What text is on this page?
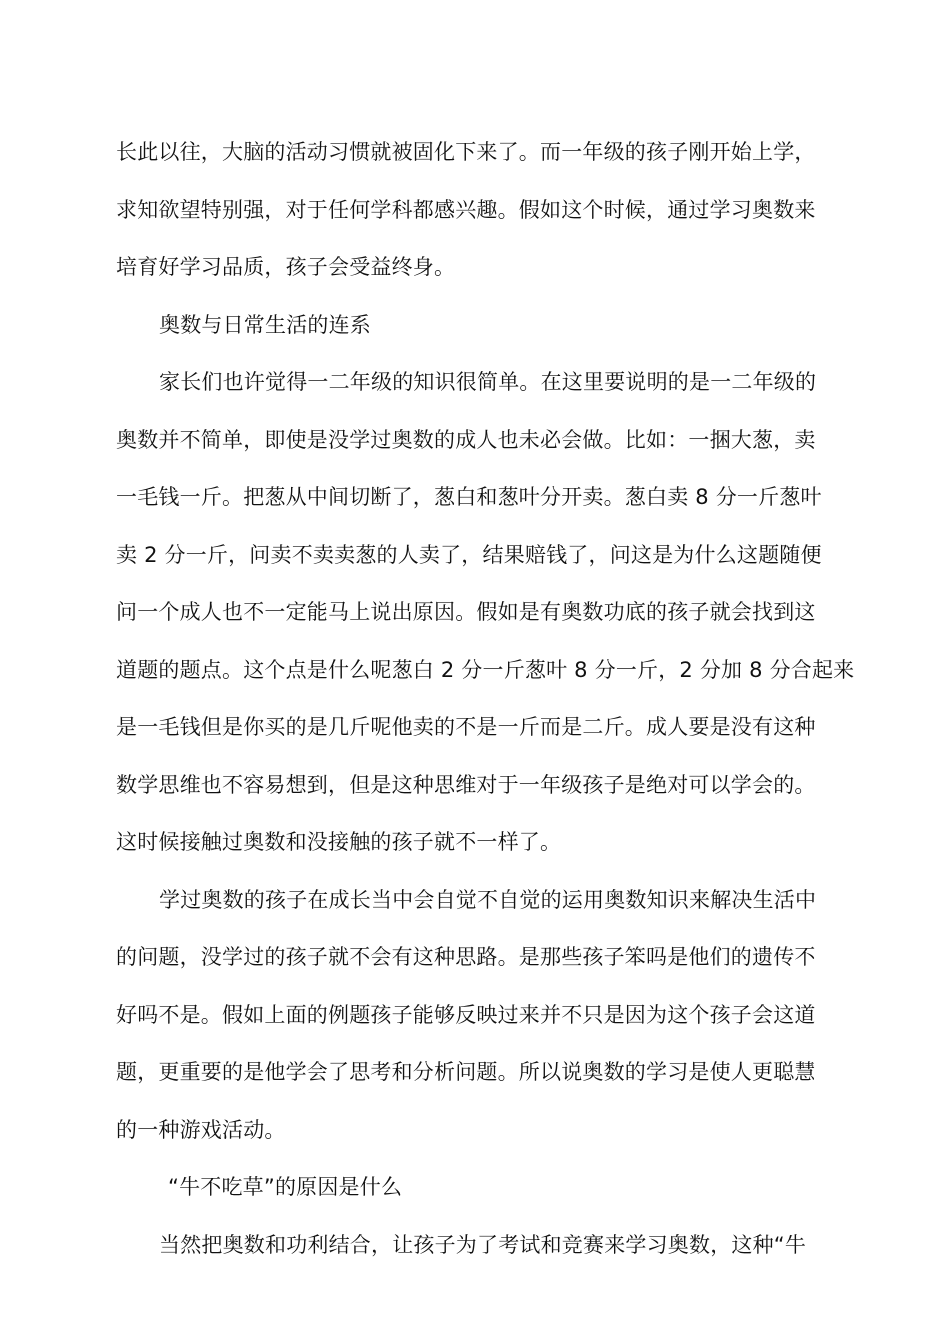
长此以往，大脑的活动习惯就被固化下来了。而一年级的孩子刚开始上学，
求知欲望特别强，对于任何学科都感兴趣。假如这个时候，通过学习奥数来
培育好学习品质，孩子会受益终身。
奥数与日常生活的连系
家长们也许觉得一二年级的知识很简单。在这里要说明的是一二年级的
奥数并不简单，即使是没学过奥数的成人也未必会做。比如：一捆大葱，卖
一毛钱一斤。把葱从中间切断了，葱白和葱叶分开卖。葱白卖 8 分一斤葱叶
卖 2 分一斤，问卖不卖卖葱的人卖了，结果赔钱了，问这是为什么这题随便
问一个成人也不一定能马上说出原因。假如是有奥数功底的孩子就会找到这
道题的题点。这个点是什么呢葱白 2 分一斤葱叶 8 分一斤，2 分加 8 分合起来
是一毛钱但是你买的是几斤呢他卖的不是一斤而是二斤。成人要是没有这种
数学思维也不容易想到，但是这种思维对于一年级孩子是绝对可以学会的。
这时候接触过奥数和没接触的孩子就不一样了。
学过奥数的孩子在成长当中会自觉不自觉的运用奥数知识来解决生活中
的问题，没学过的孩子就不会有这种思路。是那些孩子笨吗是他们的遗传不
好吗不是。假如上面的例题孩子能够反映过来并不只是因为这个孩子会这道
题，更重要的是他学会了思考和分析问题。所以说奥数的学习是使人更聪慧
的一种游戏活动。
“牛不吃草”的原因是什么
当然把奥数和功利结合，让孩子为了考试和竞赛来学习奥数，这种“牛
